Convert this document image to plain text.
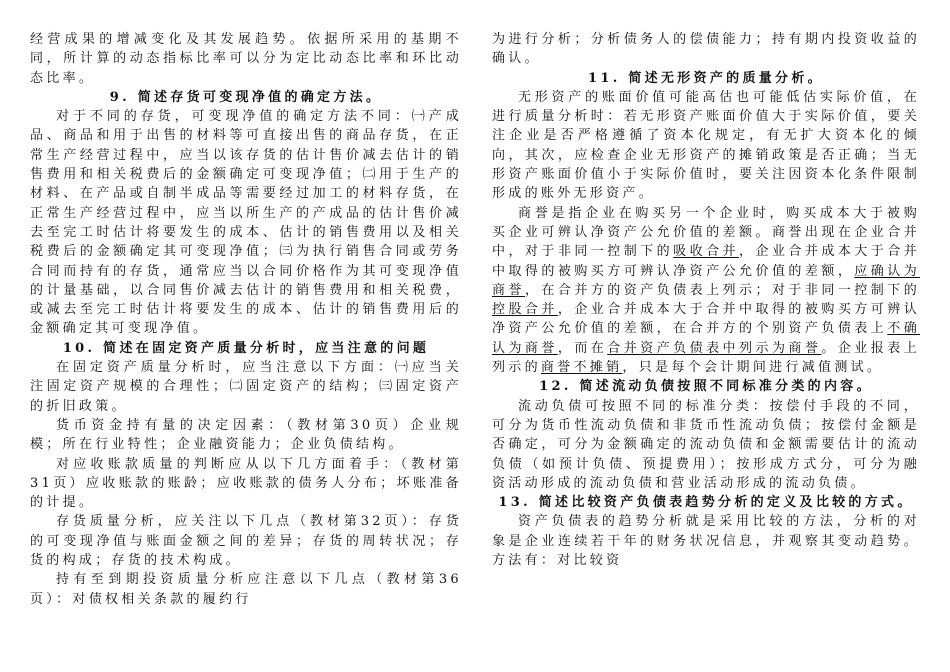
经营成果的增减变化及其发展趋势。依据所采用的基期不同，所计算的动态指标比率可以分为定比动态比率和环比动态比率。

9. 简述存货可变现净值的确定方法。

对于不同的存货，可变现净值的确定方法不同：㈠产成品、商品和用于出售的材料等可直接出售的商品存货，在正常生产经营过程中，应当以该存货的估计售价减去估计的销售费用和相关税费后的金额确定可变现净值；㈡用于生产的材料、在产品或自制半成品等需要经过加工的材料存货，在正常生产经营过程中，应当以所生产的产成品的估计售价减去至完工时估计将要发生的成本、估计的销售费用以及相关税费后的金额确定其可变现净值；㈢为执行销售合同或劳务合同而持有的存货，通常应当以合同价格作为其可变现净值的计量基础，以合同售价减去估计的销售费用和相关税费，或减去至完工时估计将要发生的成本、估计的销售费用后的金额确定其可变现净值。

10. 简述在固定资产质量分析时，应当注意的问题

在固定资产质量分析时，应当注意以下方面：㈠应当关注固定资产规模的合理性；㈡固定资产的结构；㈢固定资产的折旧政策。

货币资金持有量的决定因素：（教材第30页）企业规模；所在行业特性；企业融资能力；企业负债结构。

对应收账款质量的判断应从以下几方面着手：（教材第31页）应收账款的账龄；应收账款的债务人分布；坏账准备的计提。

存货质量分析，应关注以下几点（教材第32页）：存货的可变现净值与账面金额之间的差异；存货的周转状况；存货的构成；存货的技术构成。

持有至到期投资质量分析应注意以下几点（教材第36页）：对债权相关条款的履约行

为进行分析；分析债务人的偿债能力；持有期内投资收益的确认。

11. 简述无形资产的质量分析。

无形资产的账面价值可能高估也可能低估实际价值，在进行质量分析时：若无形资产账面价值大于实际价值，要关注企业是否严格遵循了资本化规定，有无扩大资本化的倾向，其次，应检查企业无形资产的摊销政策是否正确；当无形资产账面价值小于实际价值时，要关注因资本化条件限制形成的账外无形资产。

商誉是指企业在购买另一个企业时，购买成本大于被购买企业可辨认净资产公允价值的差额。商誉出现在企业合并中，对于非同一控制下的吸收合并，企业合并成本大于合并中取得的被购买方可辨认净资产公允价值的差额，应确认为商誉，在合并方的资产负债表上列示；对于非同一控制下的控股合并，企业合并成本大于合并中取得的被购买方可辨认净资产公允价值的差额，在合并方的个别资产负债表上不确认为商誉，而在合并资产负债表中列示为商誉。企业报表上列示的商誉不摊销，只是每个会计期间进行减值测试。

12. 简述流动负债按照不同标准分类的内容。

流动负债可按照不同的标准分类：按偿付手段的不同，可分为货币性流动负债和非货币性流动负债；按偿付金额是否确定，可分为金额确定的流动负债和金额需要估计的流动负债（如预计负债、预提费用）；按形成方式分，可分为融资活动形成的流动负债和营业活动形成的流动负债。

13. 简述比较资产负债表趋势分析的定义及比较的方式。

资产负债表的趋势分析就是采用比较的方法，分析的对象是企业连续若干年的财务状况信息，并观察其变动趋势。方法有：对比较资
